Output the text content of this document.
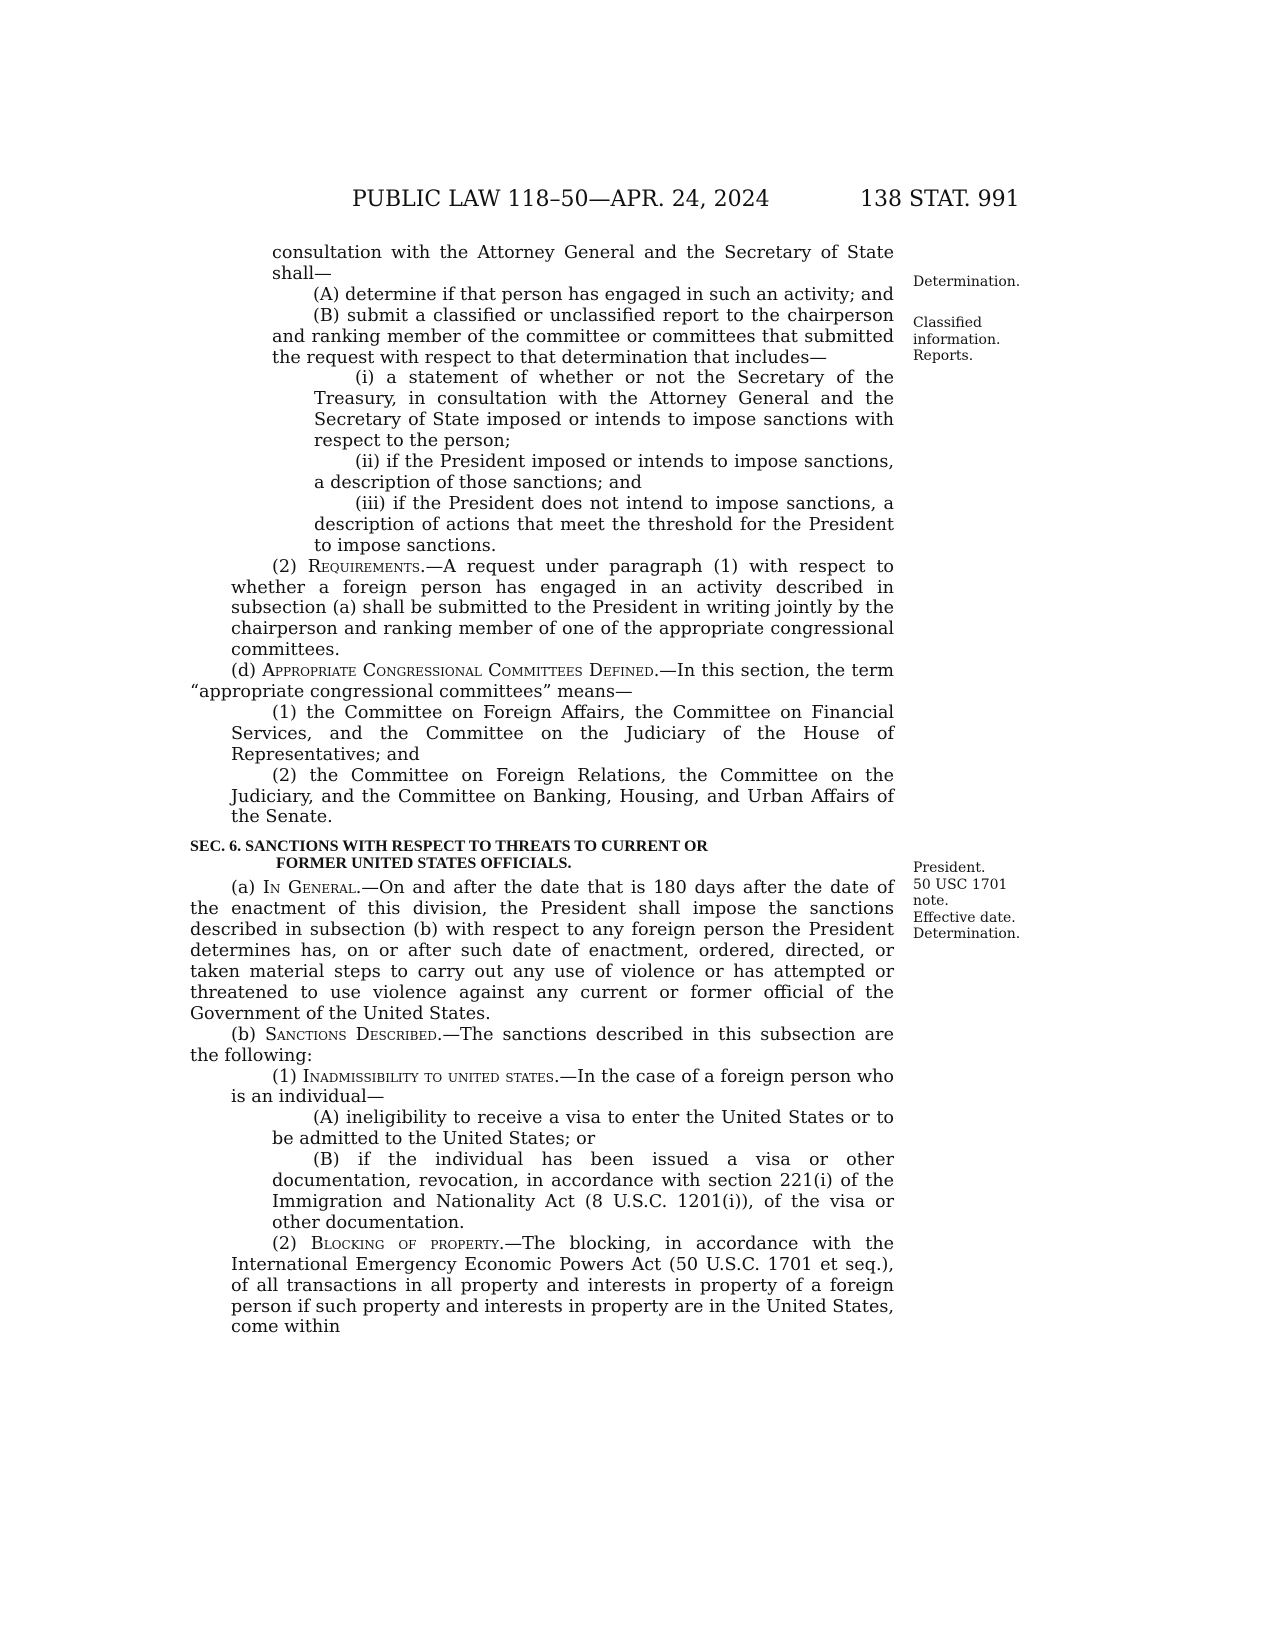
PUBLIC LAW 118–50—APR. 24, 2024	138 STAT. 991

consultation with the Attorney General and the Secretary of State shall—

(A) determine if that person has engaged in such an activity; and

(B) submit a classified or unclassified report to the chairperson and ranking member of the committee or committees that submitted the request with respect to that determination that includes—

(i) a statement of whether or not the Secretary of the Treasury, in consultation with the Attorney General and the Secretary of State imposed or intends to impose sanctions with respect to the person;

(ii) if the President imposed or intends to impose sanctions, a description of those sanctions; and

(iii) if the President does not intend to impose sanctions, a description of actions that meet the threshold for the President to impose sanctions.

(2) Requirements.—A request under paragraph (1) with respect to whether a foreign person has engaged in an activity described in subsection (a) shall be submitted to the President in writing jointly by the chairperson and ranking member of one of the appropriate congressional committees.

(d) Appropriate Congressional Committees Defined.—In this section, the term “appropriate congressional committees” means—

(1) the Committee on Foreign Affairs, the Committee on Financial Services, and the Committee on the Judiciary of the House of Representatives; and

(2) the Committee on Foreign Relations, the Committee on the Judiciary, and the Committee on Banking, Housing, and Urban Affairs of the Senate.

SEC. 6. SANCTIONS WITH RESPECT TO THREATS TO CURRENT OR
FORMER UNITED STATES OFFICIALS.

(a) In General.—On and after the date that is 180 days after the date of the enactment of this division, the President shall impose the sanctions described in subsection (b) with respect to any foreign person the President determines has, on or after such date of enactment, ordered, directed, or taken material steps to carry out any use of violence or has attempted or threatened to use violence against any current or former official of the Government of the United States.

(b) Sanctions Described.—The sanctions described in this subsection are the following:

(1) Inadmissibility to united states.—In the case of a foreign person who is an individual—

(A) ineligibility to receive a visa to enter the United States or to be admitted to the United States; or

(B) if the individual has been issued a visa or other documentation, revocation, in accordance with section 221(i) of the Immigration and Nationality Act (8 U.S.C. 1201(i)), of the visa or other documentation.

(2) Blocking of property.—The blocking, in accordance with the International Emergency Economic Powers Act (50 U.S.C. 1701 et seq.), of all transactions in all property and interests in property of a foreign person if such property and interests in property are in the United States, come within

Determination.
Classified
information.
Reports.
President.
50 USC 1701
note.
Effective date.
Determination.
